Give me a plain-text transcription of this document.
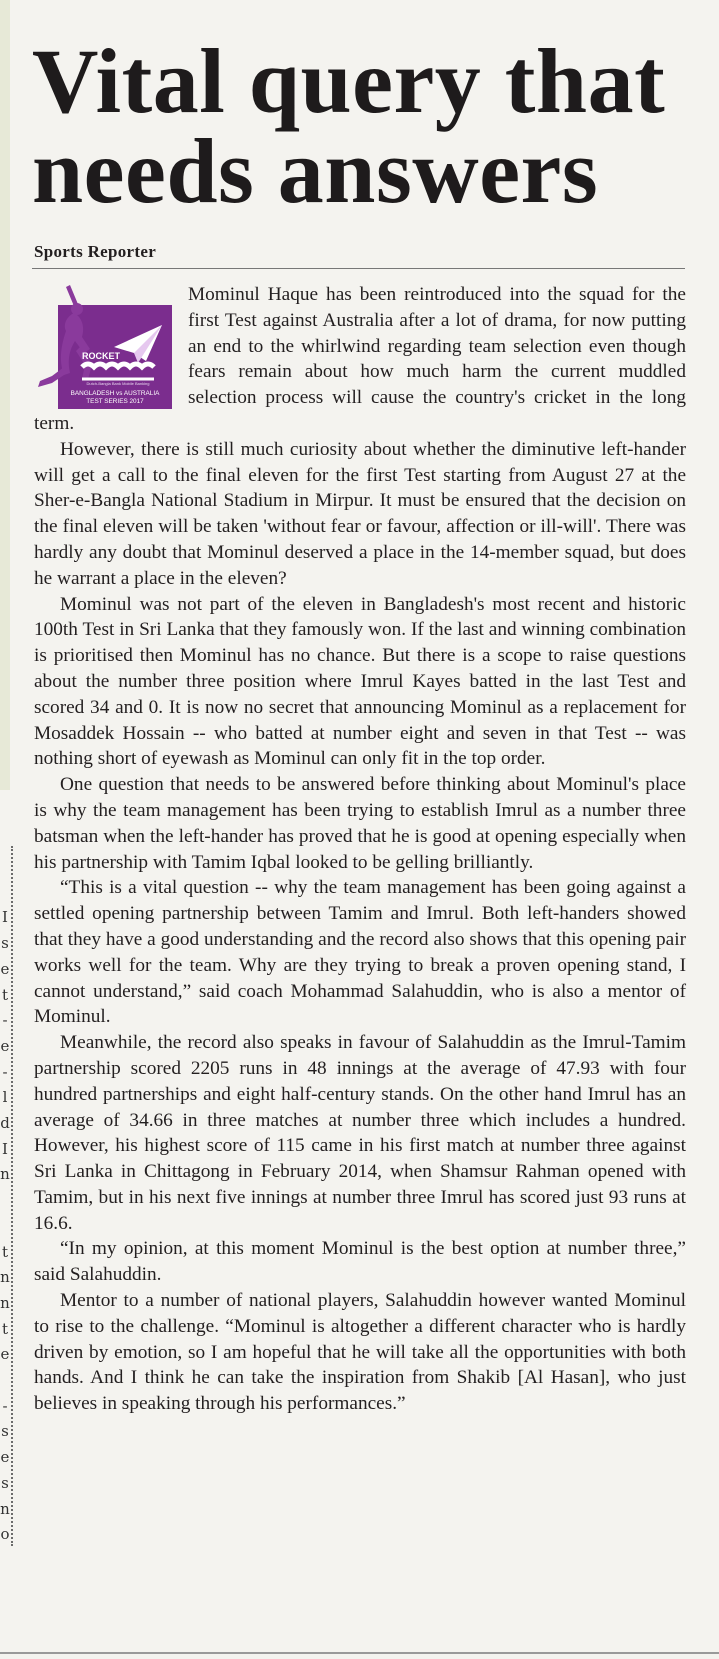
I
s
e
t
-
e
-
l
d
I
n
t
n
n
t
e
-
s
e
s
n
o
Vital query that
needs answers
Sports Reporter
ROCKET
Dutch-Bangla Bank Mobile Banking
BANGLADESH vs AUSTRALIA
TEST SERIES 2017

Mominul Haque has been reintroduced into the squad for the first Test against Australia after a lot of drama, for now putting an end to the whirlwind regarding team selection even though fears remain about how much harm the current muddled selection process will cause the country's cricket in the long term.

However, there is still much curiosity about whether the diminutive left-hander will get a call to the final eleven for the first Test starting from August 27 at the Sher-e-Bangla National Stadium in Mirpur. It must be ensured that the decision on the final eleven will be taken 'without fear or favour, affection or ill-will'. There was hardly any doubt that Mominul deserved a place in the 14-member squad, but does he warrant a place in the eleven?

Mominul was not part of the eleven in Bangladesh's most recent and historic 100th Test in Sri Lanka that they famously won. If the last and winning combination is prioritised then Mominul has no chance. But there is a scope to raise questions about the number three position where Imrul Kayes batted in the last Test and scored 34 and 0. It is now no secret that announcing Mominul as a replacement for Mosaddek Hossain -- who batted at number eight and seven in that Test -- was nothing short of eyewash as Mominul can only fit in the top order.

One question that needs to be answered before thinking about Mominul's place is why the team management has been trying to establish Imrul as a number three batsman when the left-hander has proved that he is good at opening especially when his partnership with Tamim Iqbal looked to be gelling brilliantly.

“This is a vital question -- why the team management has been going against a settled opening partnership between Tamim and Imrul. Both left-handers showed that they have a good understanding and the record also shows that this opening pair works well for the team. Why are they trying to break a proven opening stand, I cannot understand,” said coach Mohammad Salahuddin, who is also a mentor of Mominul.

Meanwhile, the record also speaks in favour of Salahuddin as the Imrul-Tamim partnership scored 2205 runs in 48 innings at the average of 47.93 with four hundred partnerships and eight half-century stands. On the other hand Imrul has an average of 34.66 in three matches at number three which includes a hundred. However, his highest score of 115 came in his first match at number three against Sri Lanka in Chittagong in February 2014, when Shamsur Rahman opened with Tamim, but in his next five innings at number three Imrul has scored just 93 runs at 16.6.

“In my opinion, at this moment Mominul is the best option at number three,” said Salahuddin.

Mentor to a number of national players, Salahuddin however wanted Mominul to rise to the challenge. “Mominul is altogether a different character who is hardly driven by emotion, so I am hopeful that he will take all the opportunities with both hands. And I think he can take the inspiration from Shakib [Al Hasan], who just believes in speaking through his performances.”
